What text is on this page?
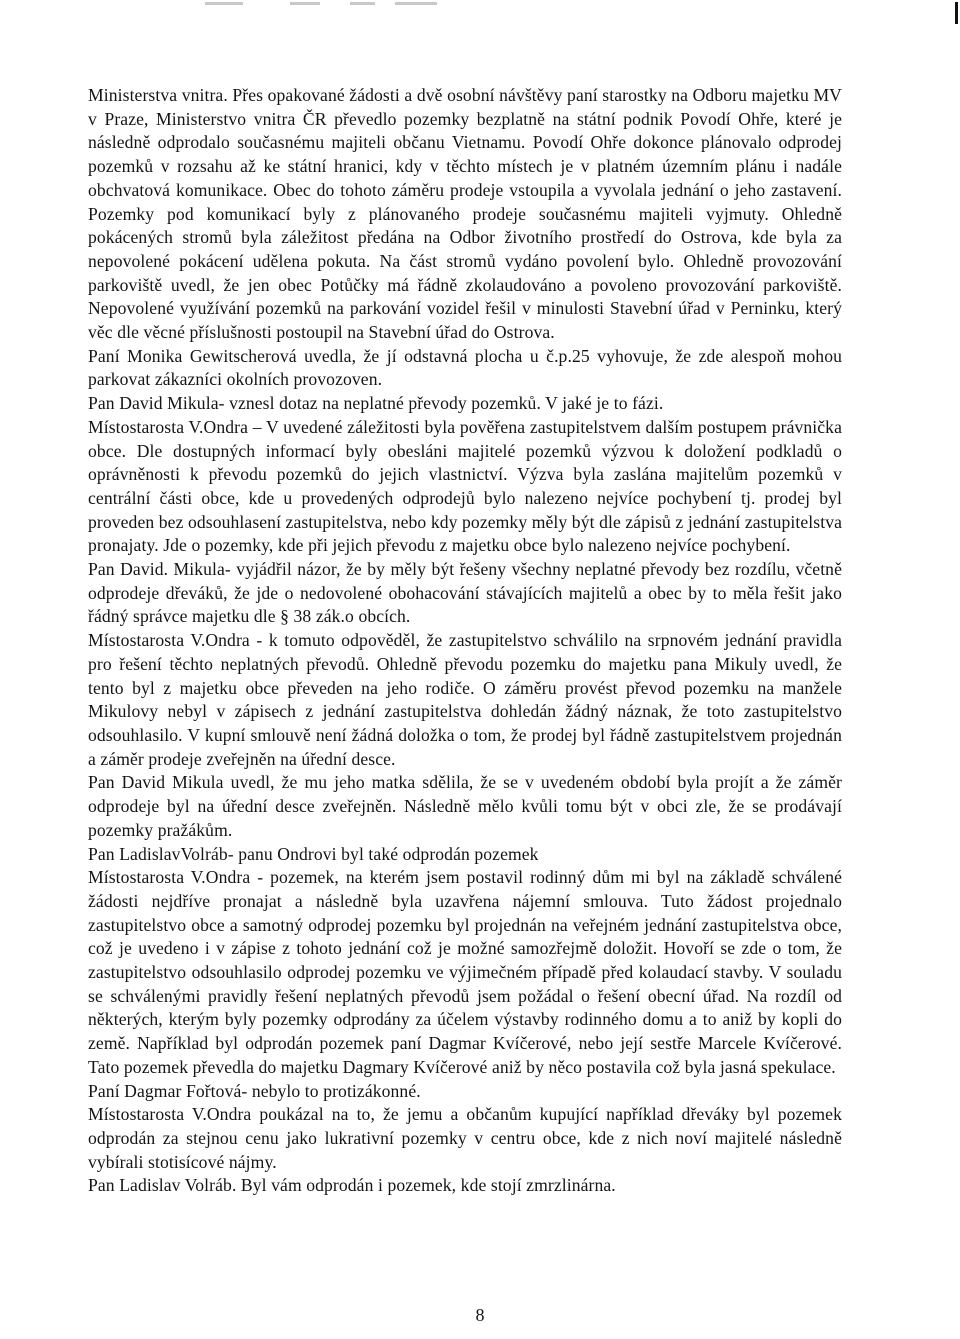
Ministerstva vnitra. Přes opakované žádosti a dvě osobní návštěvy paní starostky na Odboru majetku MV v Praze, Ministerstvo vnitra ČR převedlo pozemky bezplatně na státní podnik Povodí Ohře, které je následně odprodalo současnému majiteli občanu Vietnamu. Povodí Ohře dokonce plánovalo odprodej pozemků v rozsahu až ke státní hranici, kdy v těchto místech je v platném územním plánu i nadále obchvatová komunikace. Obec do tohoto záměru prodeje vstoupila a vyvolala jednání o jeho zastavení. Pozemky pod komunikací byly z plánovaného prodeje současnému majiteli vyjmuty. Ohledně pokácených stromů byla záležitost předána na Odbor životního prostředí do Ostrova, kde byla za nepovolené pokácení udělena pokuta. Na část stromů vydáno povolení bylo. Ohledně provozování parkoviště uvedl, že jen obec Potůčky má řádně zkolaudováno a povoleno provozování parkoviště. Nepovolené využívání pozemků na parkování vozidel řešil v minulosti Stavební úřad v Perninku, který věc dle věcné příslušnosti postoupil na Stavební úřad do Ostrova.

Paní Monika Gewitscherová uvedla, že jí odstavná plocha u č.p.25 vyhovuje, že zde alespoň mohou parkovat zákazníci okolních provozoven.

Pan David Mikula- vznesl dotaz na neplatné převody pozemků. V jaké je to fázi.

Místostarosta V.Ondra – V uvedené záležitosti byla pověřena zastupitelstvem dalším postupem právnička obce. Dle dostupných informací byly obesláni majitelé pozemků výzvou k doložení podkladů o oprávněnosti k převodu pozemků do jejich vlastnictví. Výzva byla zaslána majitelům pozemků v centrální části obce, kde u provedených odprodejů bylo nalezeno nejvíce pochybení tj. prodej byl proveden bez odsouhlasení zastupitelstva, nebo kdy pozemky měly být dle zápisů z jednání zastupitelstva pronajaty. Jde o pozemky, kde při jejich převodu z majetku obce bylo nalezeno nejvíce pochybení.

Pan David. Mikula- vyjádřil názor, že by měly být řešeny všechny neplatné převody bez rozdílu, včetně odprodeje dřeváků, že jde o nedovolené obohacování stávajících majitelů a obec by to měla řešit jako řádný správce majetku dle § 38 zák.o obcích.

Místostarosta V.Ondra - k tomuto odpověděl, že zastupitelstvo schválilo na srpnovém jednání pravidla pro řešení těchto neplatných převodů. Ohledně převodu pozemku do majetku pana Mikuly uvedl, že tento byl z majetku obce převeden na jeho rodiče. O záměru provést převod pozemku na manžele Mikulovy nebyl v zápisech z jednání zastupitelstva dohledán žádný náznak, že toto zastupitelstvo odsouhlasilo. V kupní smlouvě není žádná doložka o tom, že prodej byl řádně zastupitelstvem projednán a záměr prodeje zveřejněn na úřední desce.

Pan David Mikula uvedl, že mu jeho matka sdělila, že se v uvedeném období byla projít a že záměr odprodeje byl na úřední desce zveřejněn. Následně mělo kvůli tomu být v obci zle, že se prodávají pozemky pražákům.

Pan LadislavVolráb- panu Ondrovi byl také odprodán pozemek

Místostarosta V.Ondra - pozemek, na kterém jsem postavil rodinný dům mi byl na základě schválené žádosti nejdříve pronajat a následně byla uzavřena nájemní smlouva. Tuto žádost projednalo zastupitelstvo obce a samotný odprodej pozemku byl projednán na veřejném jednání zastupitelstva obce, což je uvedeno i v zápise z tohoto jednání což je možné samozřejmě doložit. Hovoří se zde o tom, že zastupitelstvo odsouhlasilo odprodej pozemku ve výjimečném případě před kolaudací stavby. V souladu se schválenými pravidly řešení neplatných převodů jsem požádal o řešení obecní úřad. Na rozdíl od některých, kterým byly pozemky odprodány za účelem výstavby rodinného domu a to aniž by kopli do země. Například byl odprodán pozemek paní Dagmar Kvíčerové, nebo její sestře Marcele Kvíčerové. Tato pozemek převedla do majetku Dagmary Kvíčerové aniž by něco postavila což byla jasná spekulace.

Paní Dagmar Fořtová- nebylo to protizákonné.

Místostarosta V.Ondra poukázal na to, že jemu a občanům kupující například dřeváky byl pozemek odprodán za stejnou cenu jako lukrativní pozemky v centru obce, kde z nich noví majitelé následně vybírali stotisícové nájmy.

Pan Ladislav Volráb. Byl vám odprodán i pozemek, kde stojí zmrzlinárna.

8
